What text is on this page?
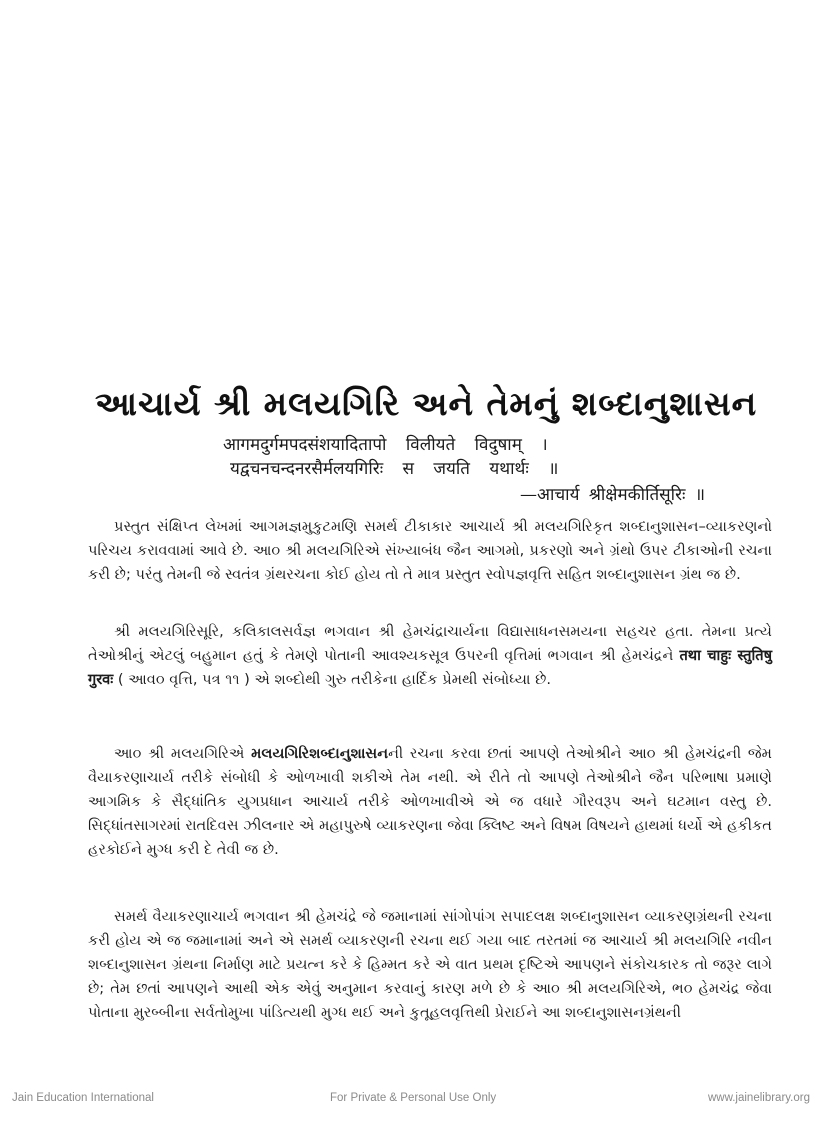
આચાર્ય શ્રી મલયગિરિ અને તેમનું શબ્દાનુશાસન
आगमदुर्गमपदसंशयादितापो विलीयते विदुषाम् ।
यद्वचनचन्दनरसैर्मलयगिरिः स जयति यथार्थः ॥
—आचार्य श्रीक्षेमकीर्तिसूरिः ॥

પ્રસ્તુત સંક્ષિપ્ત લેખમાં આગમજ્ઞમુકુટમણિ સમર્થ ટીકાકાર આચાર્ય શ્રી મલયગિરિકૃત શબ્દાનુશાસન–વ્યાકરણનો પરિચય કરાવવામાં આવે છે. આ૦ શ્રી મલયગિરિએ સંખ્યાબંધ જૈન આગમો, પ્રકરણો અને ગ્રંથો ઉપર ટીકાઓની રચના કરી છે; પરંતુ તેમની જે સ્વતંત્ર ગ્રંથરચના કોઈ હોય તો તે માત્ર પ્રસ્તુત સ્વોપજ્ઞવૃત્તિ સહિત શબ્દાનુશાસન ગ્રંથ જ છે.

શ્રી મલયગિરિસૂરિ, કલિકાલસર્વજ્ઞ ભગવાન શ્રી હેમચંદ્રાચાર્યના વિદ્યાસાધનસમયના સહચર હતા. તેમના પ્રત્યે તેઓશ્રીનું એટલું બહુમાન હતું કે તેમણે પોતાની આવશ્યકસૂત્ર ઉપરની વૃત્તિમાં ભગવાન શ્રી હેમચંદ્રને तथा चाहुः स्तुतिषु गुरवः ( આવ૦ વૃત્તિ, પત્ર ૧૧ ) એ શબ્દોથી ગુરુ તરીકેના હાર્દિક પ્રેમથી સંબોધ્યા છે.

આ૦ શ્રી મલયગિરિએ મલયગિરિશબ્દાનુશાસનની રચના કરવા છતાં આપણે તેઓશ્રીને આ૦ શ્રી હેમચંદ્રની જેમ વૈયાકરણાચાર્ય તરીકે સંબોધી કે ઓળખાવી શકીએ તેમ નથી. એ રીતે તો આપણે તેઓશ્રીને જૈન પરિભાષા પ્રમાણે આગમિક કે સૈદ્ધાંતિક યુગપ્રધાન આચાર્ય તરીકે ઓળખાવીએ એ જ વધારે ગૌરવરૂપ અને ઘટમાન વસ્તુ છે. સિદ્ધાંતસાગરમાં રાતદિવસ ઝીલનાર એ મહાપુરુષે વ્યાકરણના જેવા ક્લિષ્ટ અને વિષમ વિષયને હાથમાં ધર્યો એ હકીકત હરકોઈને મુગ્ધ કરી દે તેવી જ છે.

સમર્થ વૈયાકરણાચાર્ય ભગવાન શ્રી હેમચંદ્રે જે જમાનામાં સાંગોપાંગ સપાદલક્ષ શબ્દાનુશાસન વ્યાકરણગ્રંથની રચના કરી હોય એ જ જમાનામાં અને એ સમર્થ વ્યાકરણની રચના થઈ ગયા બાદ તરતમાં જ આચાર્ય શ્રી મલયગિરિ નવીન શબ્દાનુશાસન ગ્રંથના નિર્માણ માટે પ્રયત્ન કરે કે હિમ્મત કરે એ વાત પ્રથમ દૃષ્ટિએ આપણને સંકોચકારક તો જરૂર લાગે છે; તેમ છતાં આપણને આથી એક એવું અનુમાન કરવાનું કારણ મળે છે કે આ૦ શ્રી મલયગિરિએ, ભ૦ હેમચંદ્ર જેવા પોતાના મુરબ્બીના સર્વતોમુખા પાંડિત્યથી મુગ્ધ થઈ અને કુતૂહલવૃત્તિથી પ્રેરાઈને આ શબ્દાનુશાસનગ્રંથની

Jain Education International	For Private & Personal Use Only	www.jainelibrary.org
